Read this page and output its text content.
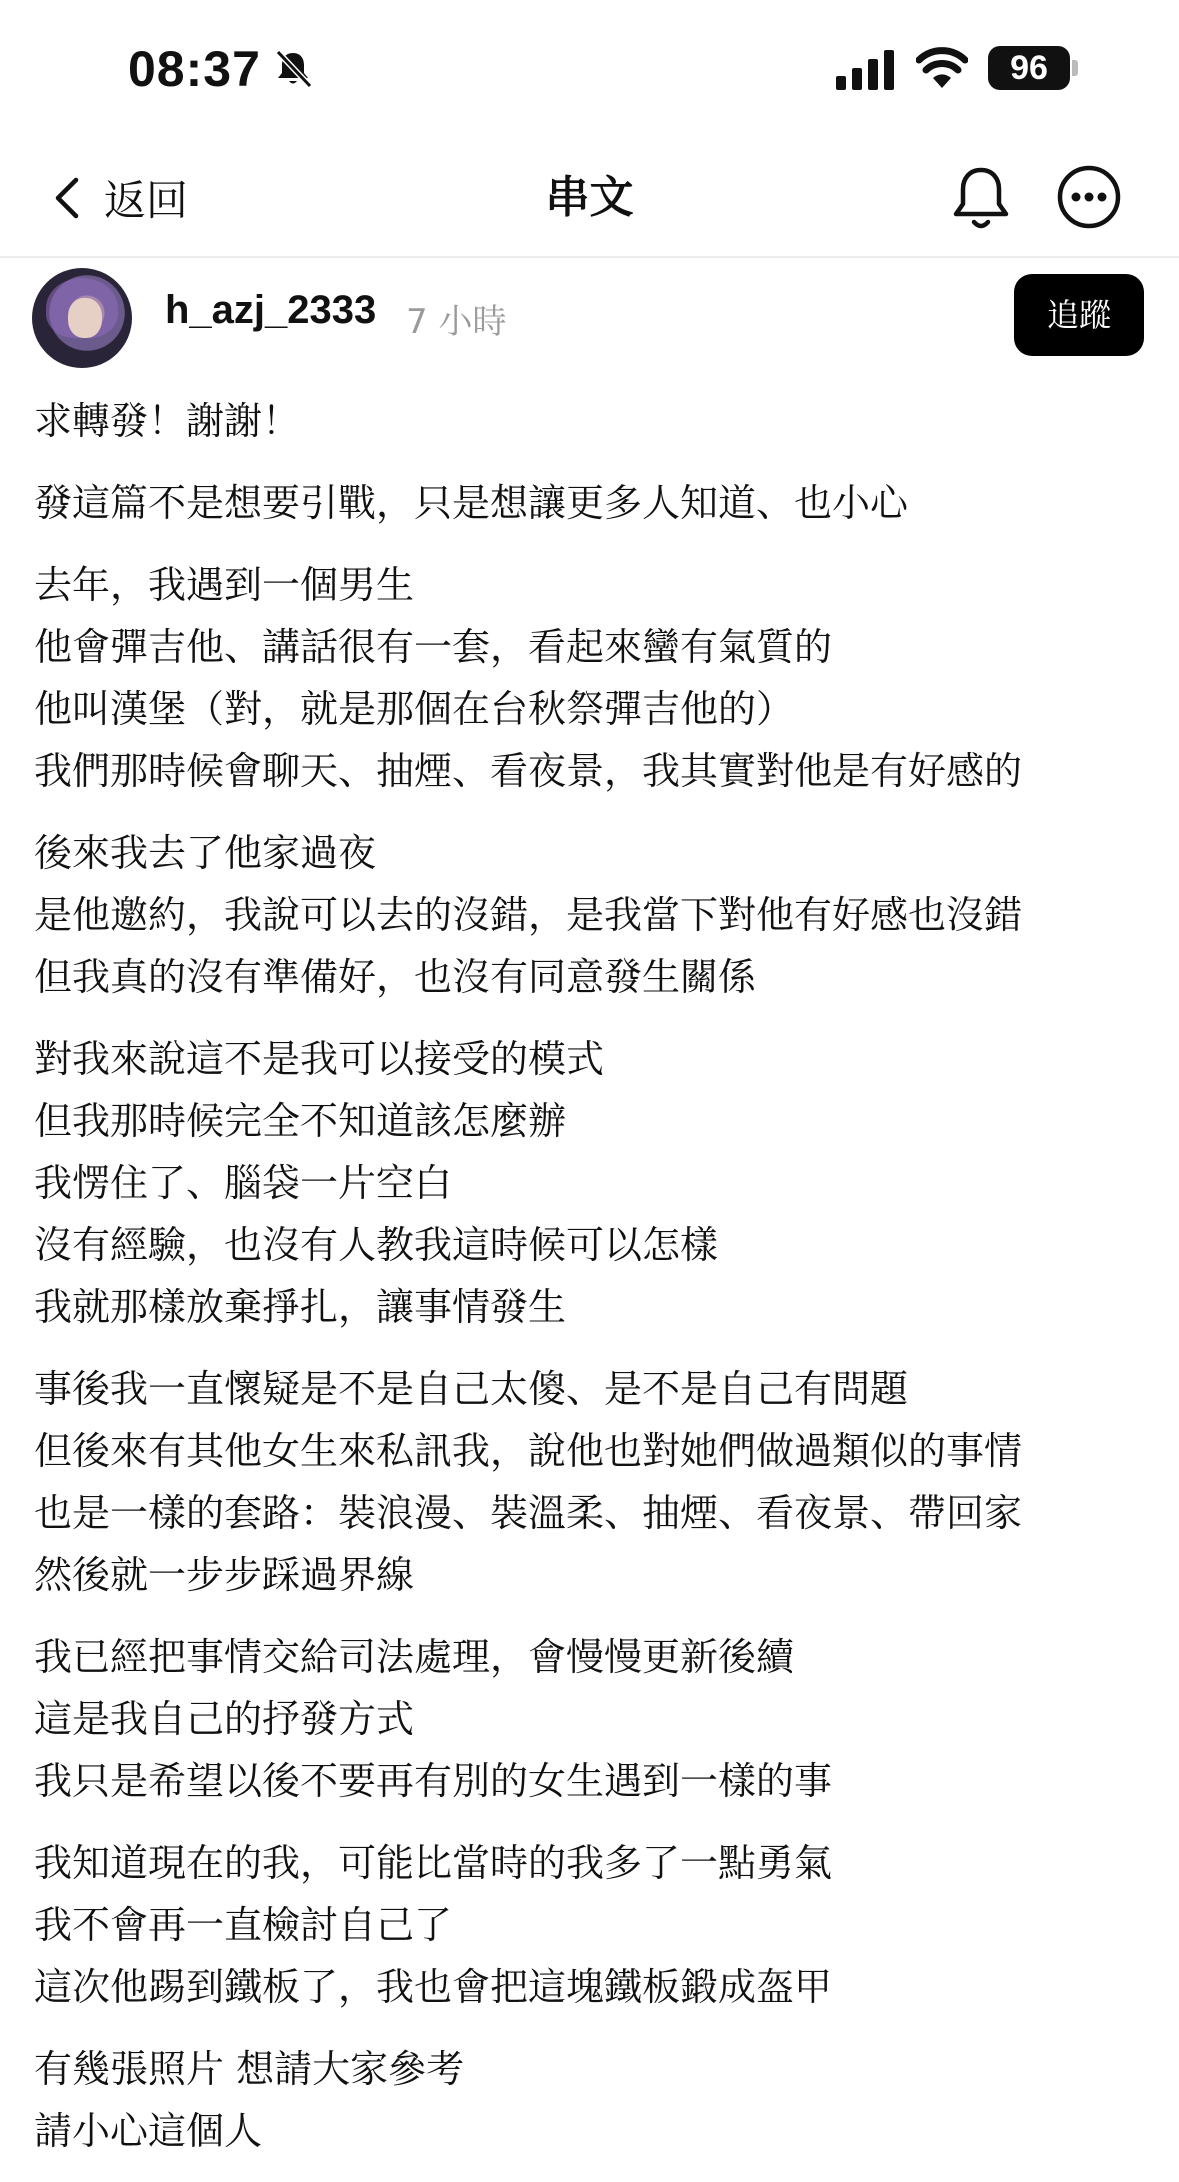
08:37	96
返回	串文
h_azj_2333 7 小時	追蹤
求轉發！謝謝！
發這篇不是想要引戰，只是想讓更多人知道、也小心
去年，我遇到一個男生
他會彈吉他、講話很有一套，看起來蠻有氣質的
他叫漢堡（對，就是那個在台秋祭彈吉他的）
我們那時候會聊天、抽煙、看夜景，我其實對他是有好感的
後來我去了他家過夜
是他邀約，我說可以去的沒錯，是我當下對他有好感也沒錯
但我真的沒有準備好，也沒有同意發生關係
對我來說這不是我可以接受的模式
但我那時候完全不知道該怎麼辦
我愣住了、腦袋一片空白
沒有經驗，也沒有人教我這時候可以怎樣
我就那樣放棄掙扎，讓事情發生
事後我一直懷疑是不是自己太傻、是不是自己有問題
但後來有其他女生來私訊我，說他也對她們做過類似的事情
也是一樣的套路：裝浪漫、裝溫柔、抽煙、看夜景、帶回家
然後就一步步踩過界線
我已經把事情交給司法處理，會慢慢更新後續
這是我自己的抒發方式
我只是希望以後不要再有別的女生遇到一樣的事
我知道現在的我，可能比當時的我多了一點勇氣
我不會再一直檢討自己了
這次他踢到鐵板了，我也會把這塊鐵板鍛成盔甲
有幾張照片 想請大家參考
請小心這個人
